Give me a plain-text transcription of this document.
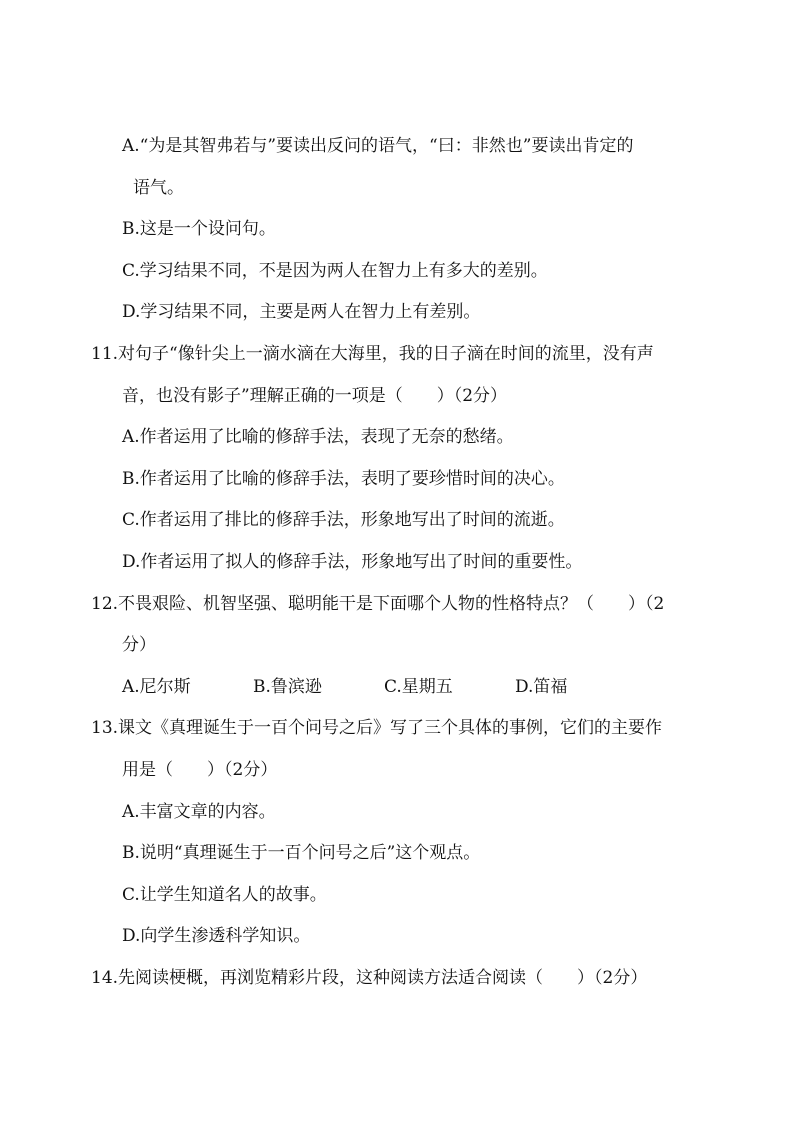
A.“为是其智弗若与”要读出反问的语气，“曰：非然也”要读出肯定的
语气。
B.这是一个设问句。
C.学习结果不同，不是因为两人在智力上有多大的差别。
D.学习结果不同，主要是两人在智力上有差别。
11.对句子“像针尖上一滴水滴在大海里，我的日子滴在时间的流里，没有声
音，也没有影子”理解正确的一项是（　　）（2分）
A.作者运用了比喻的修辞手法，表现了无奈的愁绪。
B.作者运用了比喻的修辞手法，表明了要珍惜时间的决心。
C.作者运用了排比的修辞手法，形象地写出了时间的流逝。
D.作者运用了拟人的修辞手法，形象地写出了时间的重要性。
12.不畏艰险、机智坚强、聪明能干是下面哪个人物的性格特点？（　　）（2
分）
A.尼尔斯	B.鲁滨逊	C.星期五	D.笛福
13.课文《真理诞生于一百个问号之后》写了三个具体的事例，它们的主要作
用是（　　）（2分）
A.丰富文章的内容。
B.说明“真理诞生于一百个问号之后”这个观点。
C.让学生知道名人的故事。
D.向学生渗透科学知识。
14.先阅读梗概，再浏览精彩片段，这种阅读方法适合阅读（　　）（2分）
